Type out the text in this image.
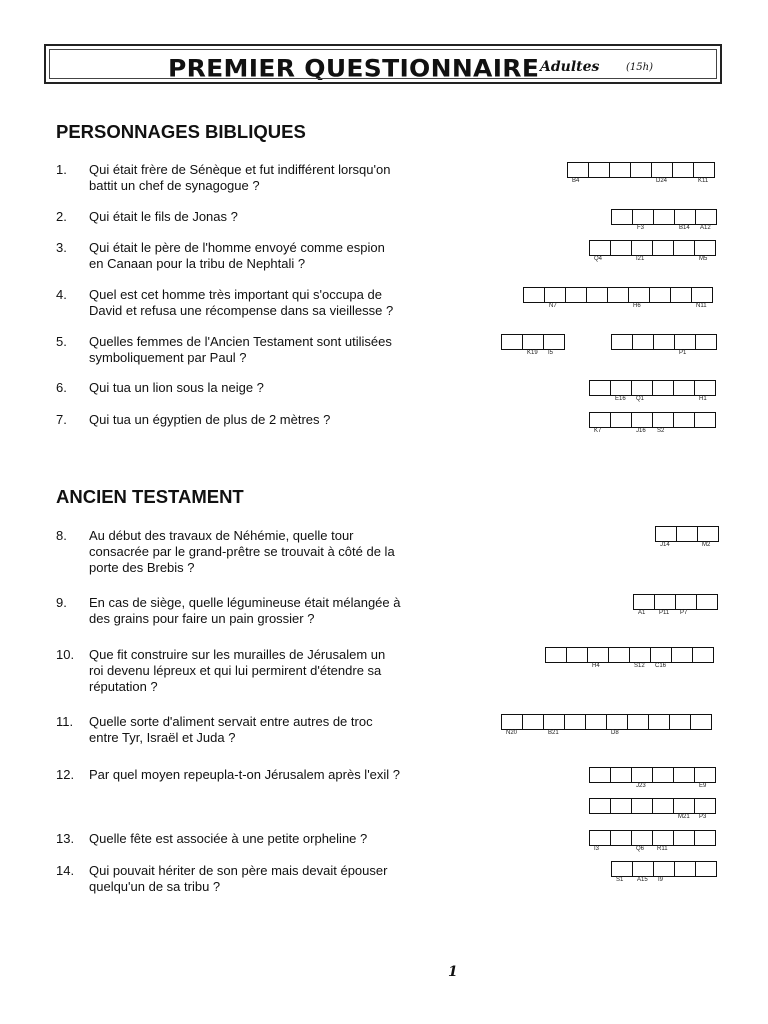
PREMIER QUESTIONNAIRE Adultes	(15h)
PERSONNAGES BIBLIQUES
1. Qui était frère de Sénèque et fut indifférent lorsqu'on
battit un chef de synagogue ?	B4	D24	K11
2. Qui était le fils de Jonas ?
F3	B14 A12
3. Qui était le père de l'homme envoyé comme espion
en Canaan pour la tribu de Nephtali ?	Q4	I21	M5
4. Quel est cet homme très important qui s'occupa de
David et refusa une récompense dans sa vieillesse ?	N7	H6	N11
5. Quelles femmes de l'Ancien Testament sont utilisées
symboliquement par Paul ?	K19 I5	P1
6. Qui tua un lion sous la neige ?
E16 Q1	H1
7. Qui tua un égyptien de plus de 2 mètres ?
K7	J16 S2
ANCIEN TESTAMENT
8. Au début des travaux de Néhémie, quelle tour
consacrée par le grand-prêtre se trouvait à côté de la
porte des Brebis ?
J14	M2
9. En cas de siège, quelle légumineuse était mélangée à
des grains pour faire un pain grossier ?	A1 P11 P7
10. Que fit construire sur les murailles de Jérusalem un
roi devenu lépreux et qui lui permirent d'étendre sa
réputation ?
H4	S12 C16
11. Quelle sorte d'aliment servait entre autres de troc
entre Tyr, Israël et Juda ?	N20	B21	D8
12. Par quel moyen repeupla-t-on Jérusalem après l'exil ?
J23	E9
M21 P3
13. Quelle fête est associée à une petite orpheline ?
I3	Q6 R11
14. Qui pouvait hériter de son père mais devait épouser
quelqu'un de sa tribu ?	S1 A15 I9
1
